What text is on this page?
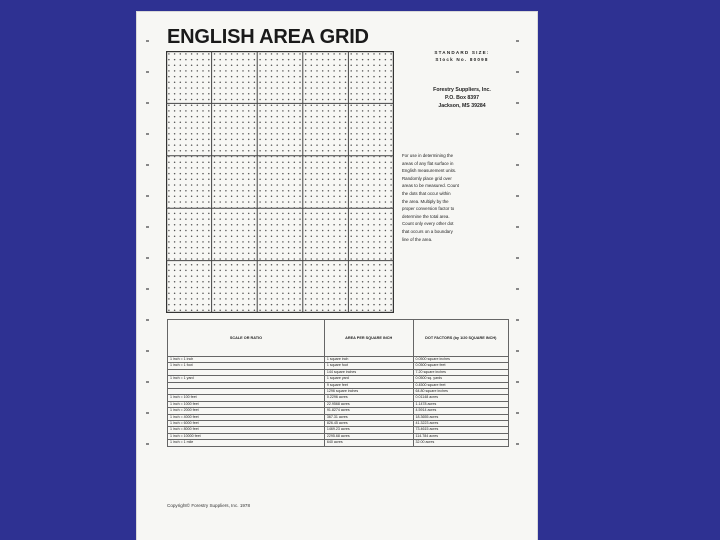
ENGLISH AREA GRID
STANDARD SIZE:
Stock No. 80098
Forestry Suppliers, Inc.
P.O. Box 8397
Jackson, MS 39284
For use in determining the
areas of any flat surface in
English measurement units.
Randomly place grid over
areas to be measured. Count
the dots that occur within
the area. Multiply by the
proper conversion factor to
determine the total area.
Count only every other dot
that occurs on a boundary
line of the area.
SCALE OR RATIO	AREA PER SQUARE INCH	DOT FACTORS (by 1/20 SQUARE INCH)
1 inch = 1 inch	1 square inch	0.0500 square inches
1 inch = 1 foot	1 square foot	0.0500 square feet
	144 square inches	7.20 square inches
1 inch = 1 yard	1 square yard	0.0500 sq. yards
	9 square feet	0.4500 square feet
	1296 square inches	64.80 square inches
1 inch = 100 feet	0.2296 acres	0.01148 acres
1 inch = 1000 feet	22.9568 acres	1.1478 acres
1 inch = 2000 feet	91.8274 acres	4.5914 acres
1 inch = 4000 feet	367.31 acres	18.3655 acres
1 inch = 6000 feet	826.45 acres	41.3223 acres
1 inch = 8000 feet	1469.23 acres	73.4615 acres
1 inch = 10000 feet	2295.68 acres	114.784 acres
1 inch = 1 mile	640 acres	32.00 acres
Copyright© Forestry Suppliers, Inc. 1978
